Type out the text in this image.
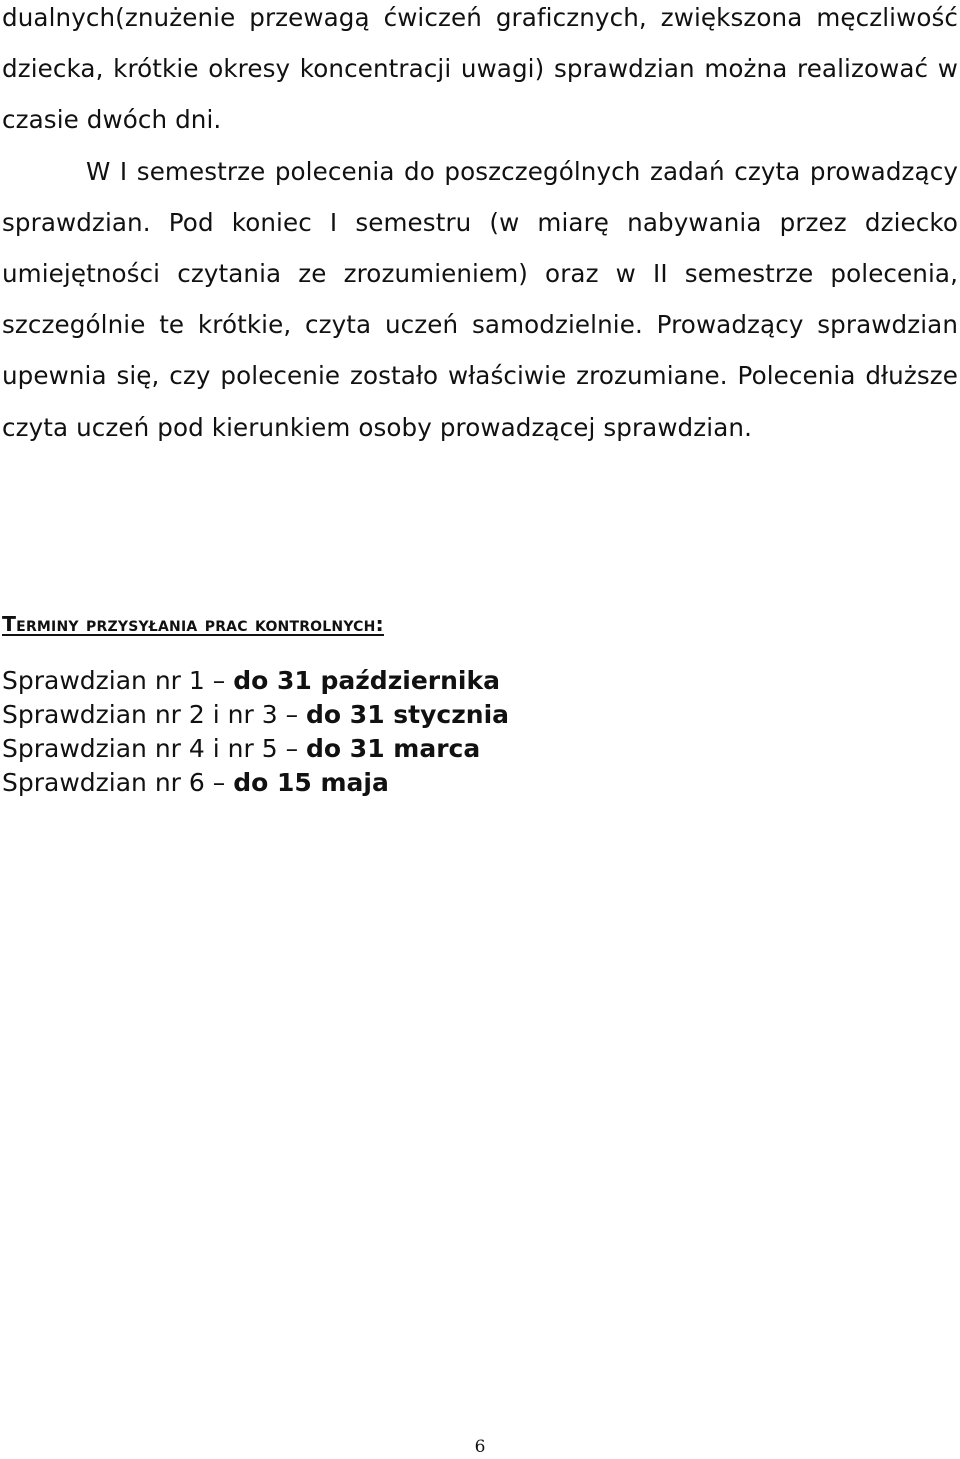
dualnych(znużenie przewagą ćwiczeń graficznych, zwiększona męczliwość dziecka, krótkie okresy koncentracji uwagi) sprawdzian można realizować w czasie dwóch dni.

W I semestrze polecenia do poszczególnych zadań czyta prowadzący sprawdzian. Pod koniec I semestru (w miarę nabywania przez dziecko umiejętności czytania ze zrozumieniem) oraz w II semestrze polecenia, szczególnie te krótkie, czyta uczeń samodzielnie. Prowadzący sprawdzian upewnia się, czy polecenie zostało właściwie zrozumiane. Polecenia dłuższe czyta uczeń pod kierunkiem osoby prowadzącej sprawdzian.

Terminy przysyłania prac kontrolnych:
Sprawdzian nr 1 – do 31 października
Sprawdzian nr 2 i nr 3 – do 31 stycznia
Sprawdzian nr 4 i nr 5 – do 31 marca
Sprawdzian nr 6 – do 15 maja
6
